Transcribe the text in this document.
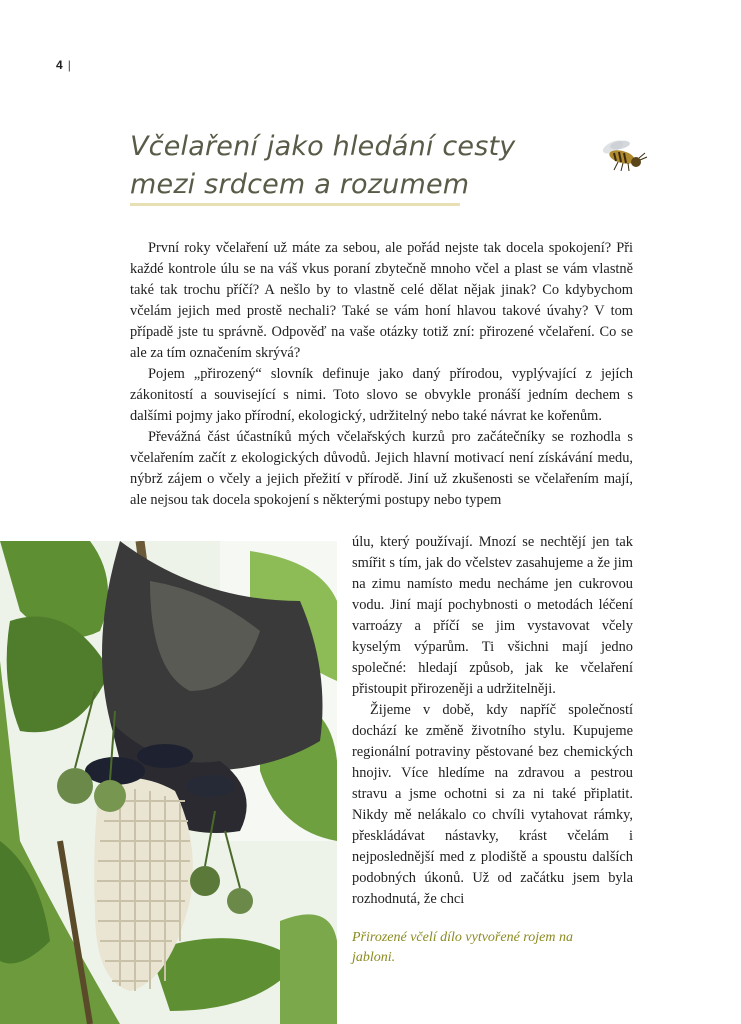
4 |
Včelaření jako hledání cesty
mezi srdcem a rozumem

První roky včelaření už máte za sebou, ale pořád nejste tak docela spokojení? Při každé kontrole úlu se na váš vkus poraní zbytečně mnoho včel a plast se vám vlastně také tak trochu příčí? A nešlo by to vlastně celé dělat nějak jinak? Co kdybychom včelám jejich med prostě nechali? Také se vám honí hlavou takové úvahy? V tom případě jste tu správně. Odpověď na vaše otázky totiž zní: přirozené včelaření. Co se ale za tím označením skrývá?

Pojem „přirozený“ slovník definuje jako daný přírodou, vyplývající z jejích zákonitostí a související s nimi. Toto slovo se obvykle pronáší jedním dechem s dalšími pojmy jako přírodní, ekologický, udržitelný nebo také návrat ke kořenům.

Převážná část účastníků mých včelařských kurzů pro začátečníky se rozhodla s včelařením začít z ekologických důvodů. Jejich hlavní motivací není získávání medu, nýbrž zájem o včely a jejich přežití v přírodě. Jiní už zkušenosti se včelařením mají, ale nejsou tak docela spokojení s některými postupy nebo typem

úlu, který používají. Mnozí se nechtějí jen tak smířit s tím, jak do včelstev zasahujeme a že jim na zimu namísto medu necháme jen cukrovou vodu. Jiní mají pochybnosti o metodách léčení varroázy a příčí se jim vystavovat včely kyselým výparům. Ti všichni mají jedno společné: hledají způsob, jak ke včelaření přistoupit přirozeněji a udržitelněji.

Žijeme v době, kdy napříč společností dochází ke změně životního stylu. Kupujeme regionální potraviny pěstované bez chemických hnojiv. Více hledíme na zdravou a pestrou stravu a jsme ochotni si za ni také připlatit. Nikdy mě nelákalo co chvíli vytahovat rámky, přeskládávat nástavky, krást včelám i nejposlednější med z plodiště a spoustu dalších podobných úkonů. Už od začátku jsem byla rozhodnutá, že chci

Přirozené včelí dílo vytvořené rojem na jabloni.
